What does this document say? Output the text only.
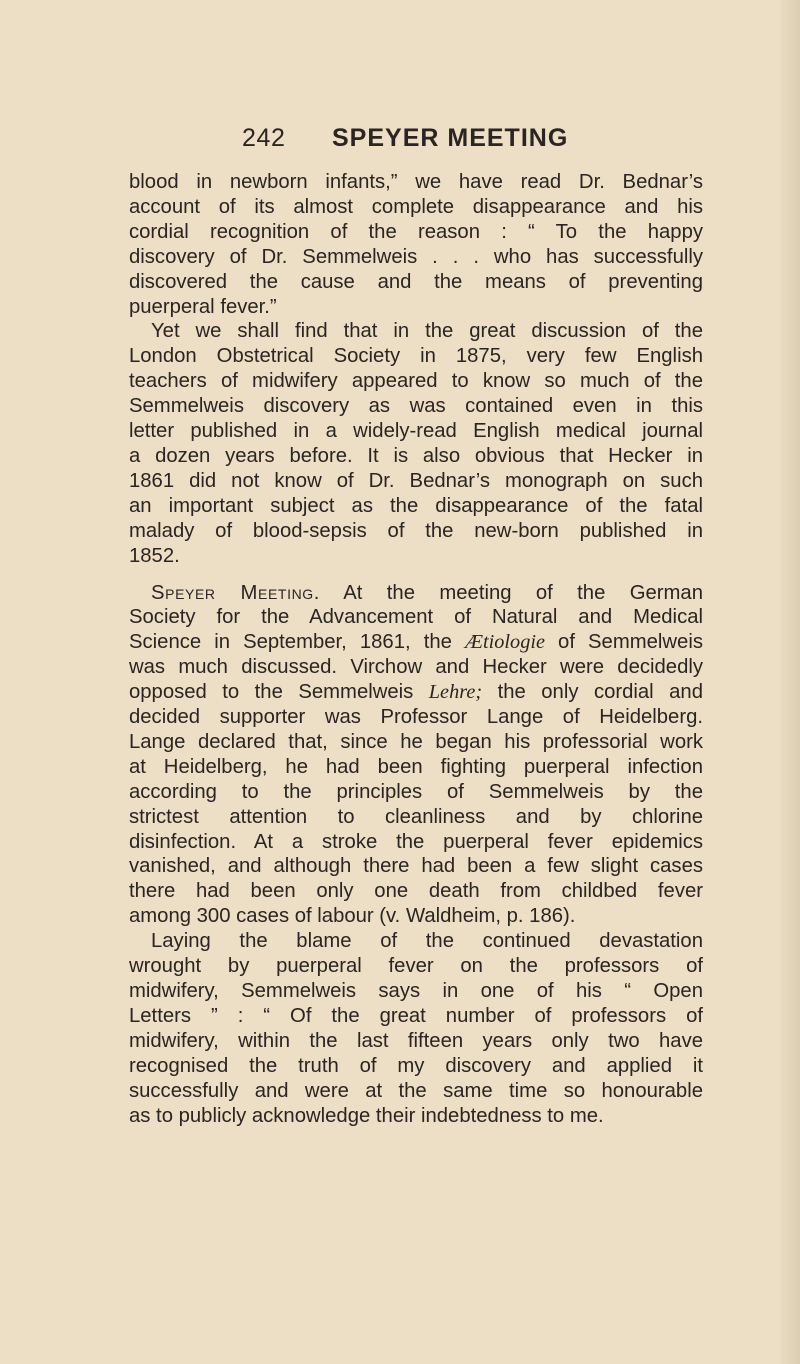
242 SPEYER MEETING
blood in newborn infants,” we have read Dr. Bednar’s
account of its almost complete disappearance and his
cordial recognition of the reason : “ To the happy
discovery of Dr. Semmelweis . . . who has successfully
discovered the cause and the means of preventing
puerperal fever.”
Yet we shall find that in the great discussion of the
London Obstetrical Society in 1875, very few English
teachers of midwifery appeared to know so much of the
Semmelweis discovery as was contained even in this
letter published in a widely-read English medical journal
a dozen years before. It is also obvious that Hecker in
1861 did not know of Dr. Bednar’s monograph on such
an important subject as the disappearance of the fatal
malady of blood-sepsis of the new-born published in
1852.
Speyer Meeting. At the meeting of the German
Society for the Advancement of Natural and Medical
Science in September, 1861, the Ætiologie of Semmelweis
was much discussed. Virchow and Hecker were decidedly
opposed to the Semmelweis Lehre; the only cordial and
decided supporter was Professor Lange of Heidelberg.
Lange declared that, since he began his professorial work
at Heidelberg, he had been fighting puerperal infection
according to the principles of Semmelweis by the
strictest attention to cleanliness and by chlorine
disinfection. At a stroke the puerperal fever epidemics
vanished, and although there had been a few slight cases
there had been only one death from childbed fever
among 300 cases of labour (v. Waldheim, p. 186).
Laying the blame of the continued devastation
wrought by puerperal fever on the professors of
midwifery, Semmelweis says in one of his “ Open
Letters ” : “ Of the great number of professors of
midwifery, within the last fifteen years only two have
recognised the truth of my discovery and applied it
successfully and were at the same time so honourable
as to publicly acknowledge their indebtedness to me.
